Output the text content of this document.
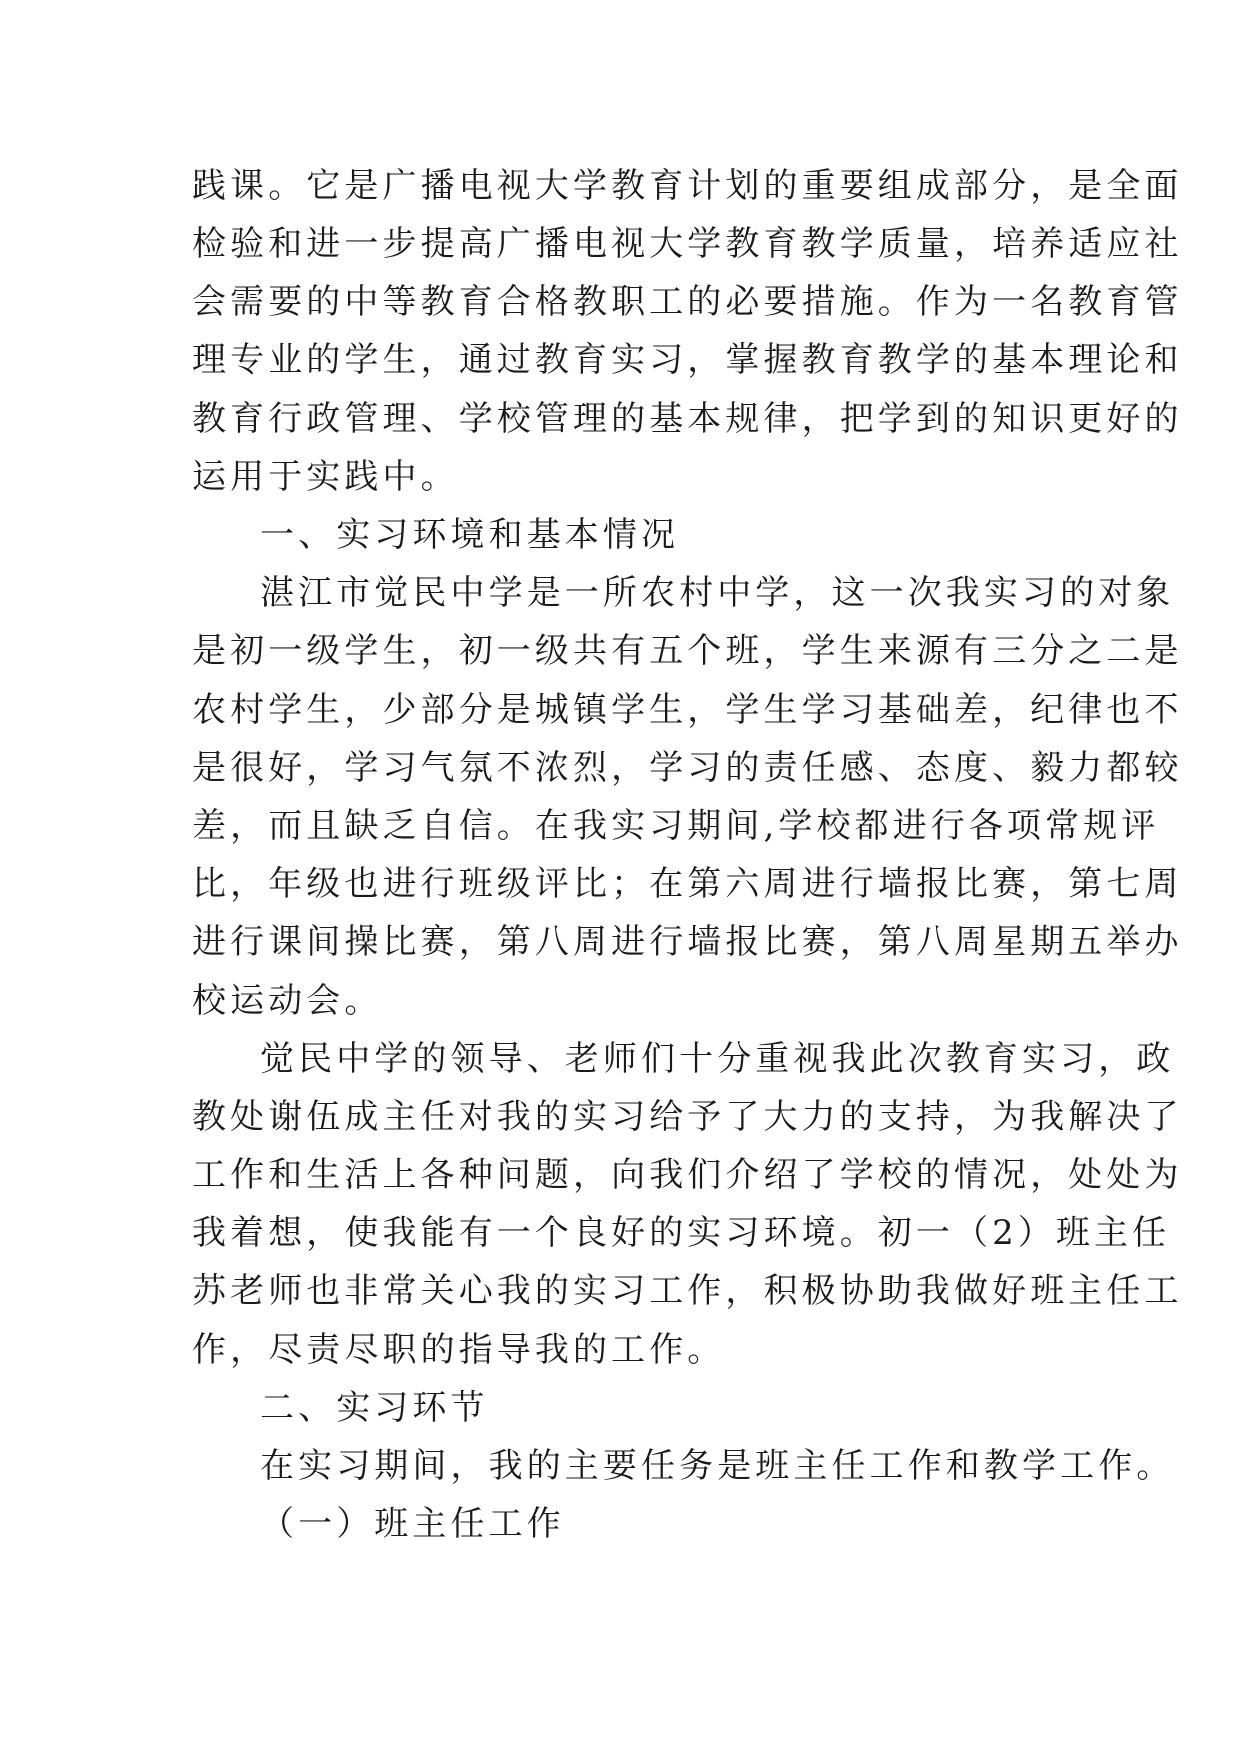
践课。它是广播电视大学教育计划的重要组成部分，是全面

检验和进一步提高广播电视大学教育教学质量，培养适应社

会需要的中等教育合格教职工的必要措施。作为一名教育管

理专业的学生，通过教育实习，掌握教育教学的基本理论和

教育行政管理、学校管理的基本规律，把学到的知识更好的

运用于实践中。

一、实习环境和基本情况

湛江市觉民中学是一所农村中学，这一次我实习的对象

是初一级学生，初一级共有五个班，学生来源有三分之二是

农村学生，少部分是城镇学生，学生学习基础差，纪律也不

是很好，学习气氛不浓烈，学习的责任感、态度、毅力都较

差，而且缺乏自信。在我实习期间,学校都进行各项常规评

比，年级也进行班级评比；在第六周进行墙报比赛，第七周

进行课间操比赛，第八周进行墙报比赛，第八周星期五举办

校运动会。

觉民中学的领导、老师们十分重视我此次教育实习，政

教处谢伍成主任对我的实习给予了大力的支持，为我解决了

工作和生活上各种问题，向我们介绍了学校的情况，处处为

我着想，使我能有一个良好的实习环境。初一（2）班主任

苏老师也非常关心我的实习工作，积极协助我做好班主任工

作，尽责尽职的指导我的工作。

二、实习环节

在实习期间，我的主要任务是班主任工作和教学工作。

（一）班主任工作
